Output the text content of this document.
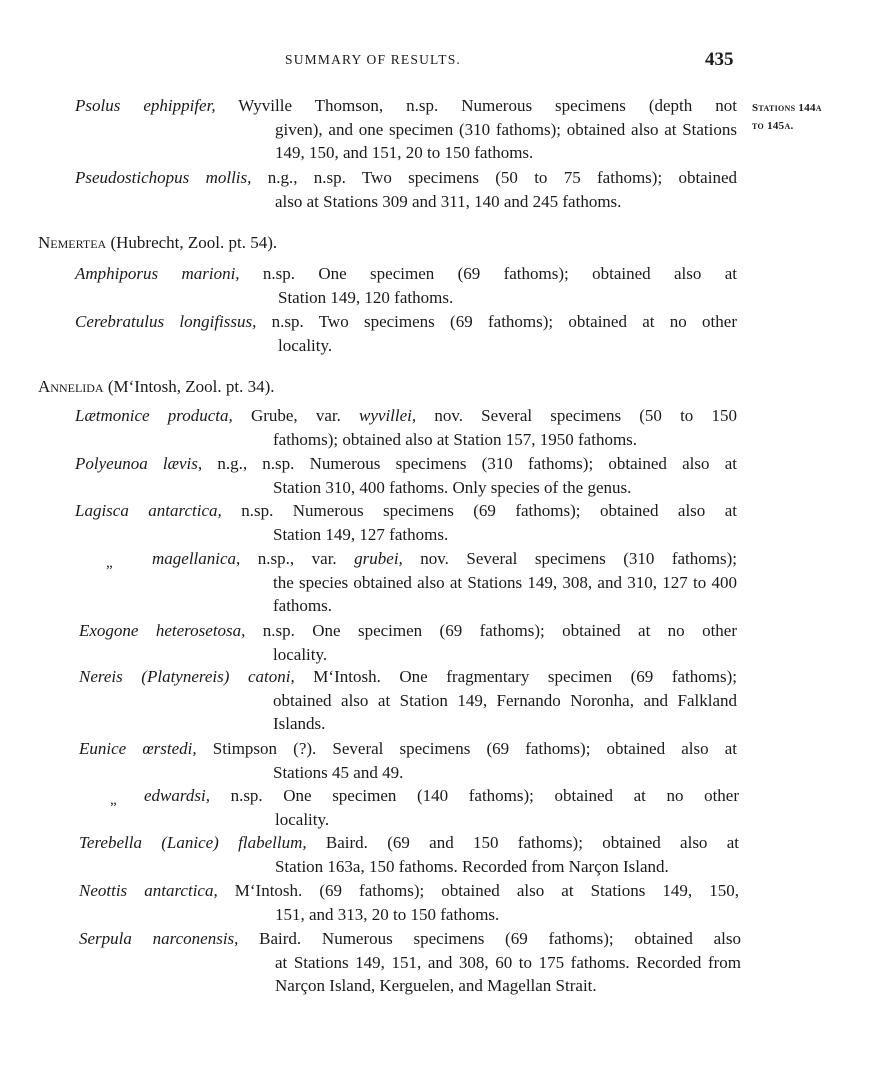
SUMMARY OF RESULTS.	435
Stations 144a
to 145a.
Psolus ephippifer, Wyville Thomson, n.sp. Numerous specimens (depth not
given), and one specimen (310 fathoms); obtained also at Stations 149, 150, and 151, 20 to 150 fathoms.
Pseudostichopus mollis, n.g., n.sp. Two specimens (50 to 75 fathoms); obtained
also at Stations 309 and 311, 140 and 245 fathoms.
Nemertea (Hubrecht, Zool. pt. 54).
Amphiporus marioni, n.sp. One specimen (69 fathoms); obtained also at
Station 149, 120 fathoms.
Cerebratulus longifissus, n.sp. Two specimens (69 fathoms); obtained at no other
locality.
Annelida (M‘Intosh, Zool. pt. 34).
Lætmonice producta, Grube, var. wyvillei, nov. Several specimens (50 to 150
fathoms); obtained also at Station 157, 1950 fathoms.
Polyeunoa lævis, n.g., n.sp. Numerous specimens (310 fathoms); obtained also at
Station 310, 400 fathoms. Only species of the genus.
Lagisca antarctica, n.sp. Numerous specimens (69 fathoms); obtained also at
Station 149, 127 fathoms.
„ magellanica, n.sp., var. grubei, nov. Several specimens (310 fathoms);
the species obtained also at Stations 149, 308, and 310, 127 to 400 fathoms.
Exogone heterosetosa, n.sp. One specimen (69 fathoms); obtained at no other
locality.
Nereis (Platynereis) catoni, M‘Intosh. One fragmentary specimen (69 fathoms);
obtained also at Station 149, Fernando Noronha, and Falkland Islands.
Eunice œrstedi, Stimpson (?). Several specimens (69 fathoms); obtained also at
Stations 45 and 49.
„ edwardsi, n.sp. One specimen (140 fathoms); obtained at no other
locality.
Terebella (Lanice) flabellum, Baird. (69 and 150 fathoms); obtained also at
Station 163a, 150 fathoms. Recorded from Narçon Island.
Neottis antarctica, M‘Intosh. (69 fathoms); obtained also at Stations 149, 150,
151, and 313, 20 to 150 fathoms.
Serpula narconensis, Baird. Numerous specimens (69 fathoms); obtained also
at Stations 149, 151, and 308, 60 to 175 fathoms. Recorded from Narçon Island, Kerguelen, and Magellan Strait.
